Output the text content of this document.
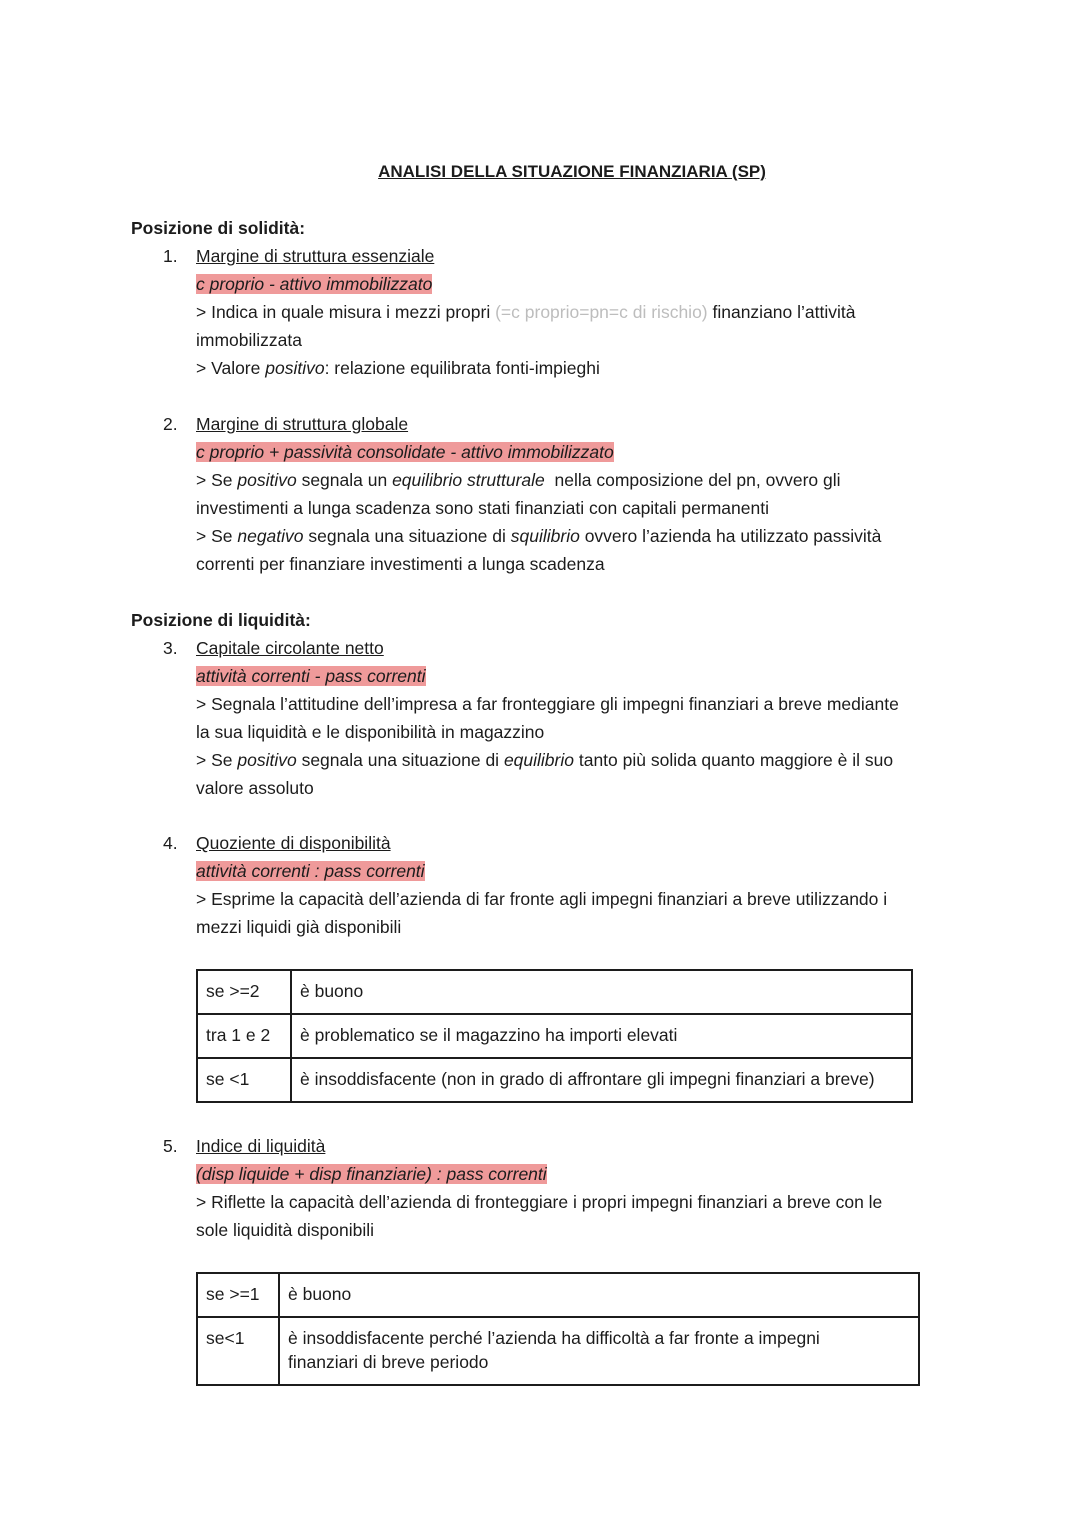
ANALISI DELLA SITUAZIONE FINANZIARIA (SP)
Posizione di solidità:
1. Margine di struttura essenziale
c proprio - attivo immobilizzato
> Indica in quale misura i mezzi propri (=c proprio=pn=c di rischio) finanziano l’attività
immobilizzata
> Valore positivo: relazione equilibrata fonti-impieghi
2. Margine di struttura globale
c proprio + passività consolidate - attivo immobilizzato
> Se positivo segnala un equilibrio strutturale  nella composizione del pn, ovvero gli
investimenti a lunga scadenza sono stati finanziati con capitali permanenti
> Se negativo segnala una situazione di squilibrio ovvero l’azienda ha utilizzato passività
correnti per finanziare investimenti a lunga scadenza
Posizione di liquidità:
3. Capitale circolante netto
attività correnti - pass correnti
> Segnala l’attitudine dell’impresa a far fronteggiare gli impegni finanziari a breve mediante
la sua liquidità e le disponibilità in magazzino
> Se positivo segnala una situazione di equilibrio tanto più solida quanto maggiore è il suo
valore assoluto
4. Quoziente di disponibilità
attività correnti : pass correnti
> Esprime la capacità dell’azienda di far fronte agli impegni finanziari a breve utilizzando i
mezzi liquidi già disponibili
se >=2	è buono
tra 1 e 2	è problematico se il magazzino ha importi elevati
se <1	è insoddisfacente (non in grado di affrontare gli impegni finanziari a breve)
5. Indice di liquidità
(disp liquide + disp finanziarie) : pass correnti
> Riflette la capacità dell’azienda di fronteggiare i propri impegni finanziari a breve con le
sole liquidità disponibili
se >=1	è buono
se<1	è insoddisfacente perché l’azienda ha difficoltà a far fronte a impegni
finanziari di breve periodo
